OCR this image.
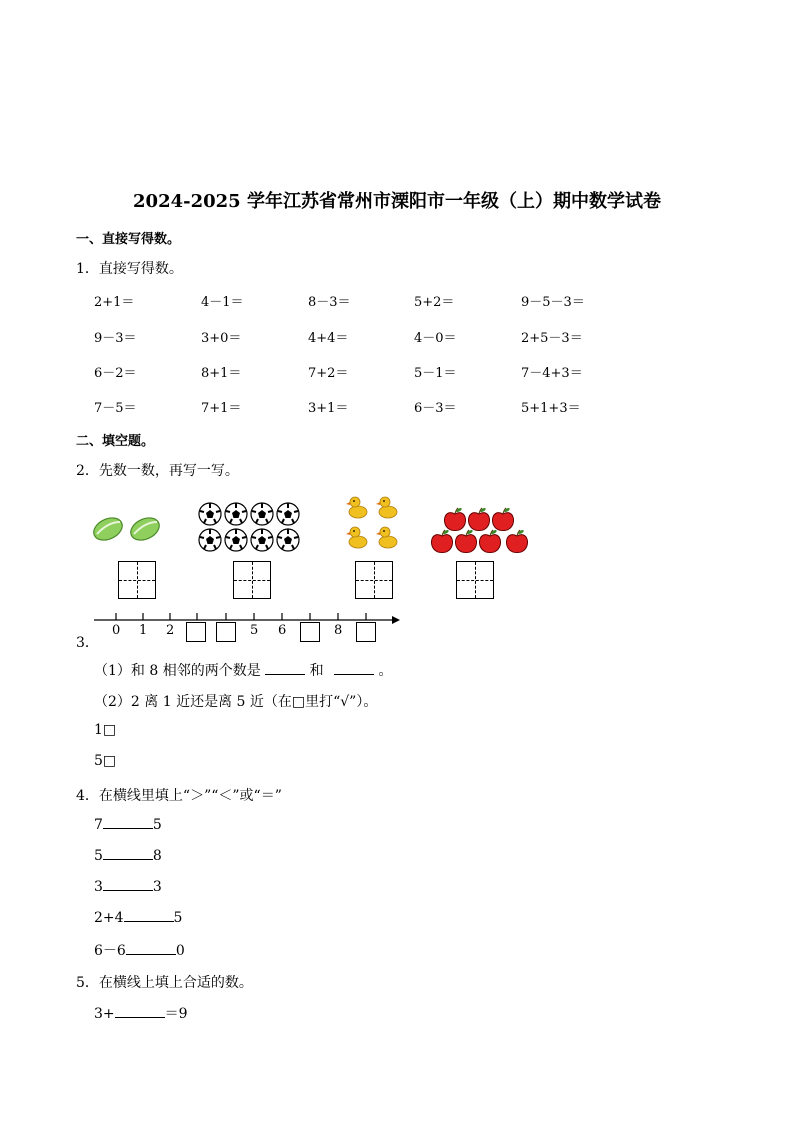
2024-2025 学年江苏省常州市溧阳市一年级（上）期中数学试卷
一、直接写得数。
1．直接写得数。
2+1＝	4－1＝	8－3＝	5+2＝	9－5－3＝
9－3＝	3+0＝	4+4＝	4－0＝	2+5－3＝
6－2＝	8+1＝	7+2＝	5－1＝	7－4+3＝
7－5＝	7+1＝	3+1＝	6－3＝	5+1+3＝
二、填空题。
2．先数一数，再写一写。
3．
0 1 2	5 6	8
（1）和 8 相邻的两个数是	和	。
（2）2 离 1 近还是离 5 近（在□里打“√”）。
1□
5□
4．在横线里填上“＞”“＜”或“＝”
7	5
5	8
3	3
2+4	5
6－6	0
5．在横线上填上合适的数。
3+	＝9
